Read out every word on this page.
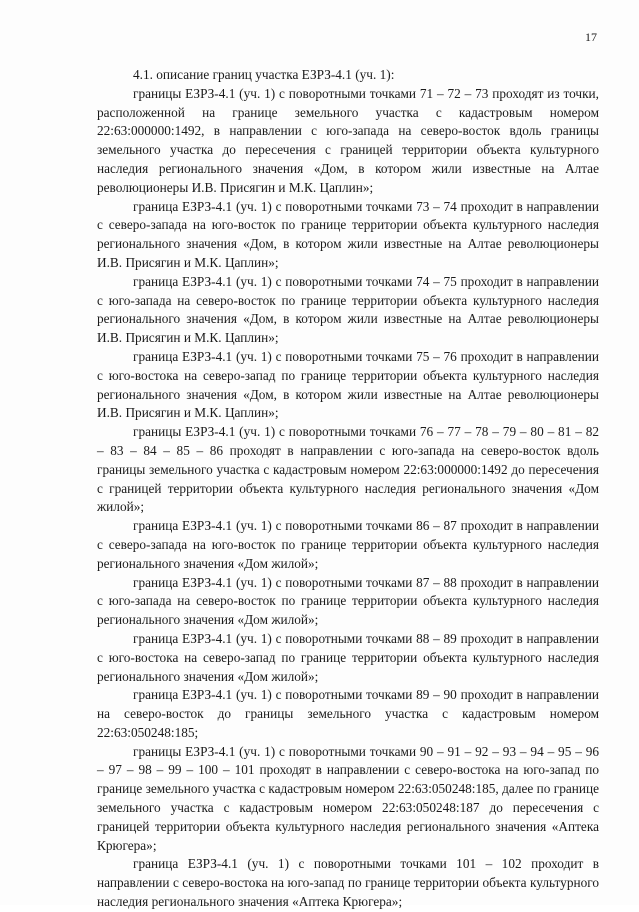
17

4.1. описание границ участка ЕЗРЗ-4.1 (уч. 1):

границы ЕЗРЗ-4.1 (уч. 1) с поворотными точками 71 – 72 – 73 проходят из точки, расположенной на границе земельного участка с кадастровым номером 22:63:000000:1492, в направлении с юго-запада на северо-восток вдоль границы земельного участка до пересечения с границей территории объекта культурного наследия регионального значения «Дом, в котором жили известные на Алтае революционеры И.В. Присягин и М.К. Цаплин»;

граница ЕЗРЗ-4.1 (уч. 1) с поворотными точками 73 – 74 проходит в направлении с северо-запада на юго-восток по границе территории объекта культурного наследия регионального значения «Дом, в котором жили известные на Алтае революционеры И.В. Присягин и М.К. Цаплин»;

граница ЕЗРЗ-4.1 (уч. 1) с поворотными точками 74 – 75 проходит в направлении с юго-запада на северо-восток по границе территории объекта культурного наследия регионального значения «Дом, в котором жили известные на Алтае революционеры И.В. Присягин и М.К. Цаплин»;

граница ЕЗРЗ-4.1 (уч. 1) с поворотными точками 75 – 76 проходит в направлении с юго-востока на северо-запад по границе территории объекта культурного наследия регионального значения «Дом, в котором жили известные на Алтае революционеры И.В. Присягин и М.К. Цаплин»;

границы ЕЗРЗ-4.1 (уч. 1) с поворотными точками 76 – 77 – 78 – 79 – 80 – 81 – 82 – 83 – 84 – 85 – 86 проходят в направлении с юго-запада на северо-восток вдоль границы земельного участка с кадастровым номером 22:63:000000:1492 до пересечения с границей территории объекта культурного наследия регионального значения «Дом жилой»;

граница ЕЗРЗ-4.1 (уч. 1) с поворотными точками 86 – 87 проходит в направлении с северо-запада на юго-восток по границе территории объекта культурного наследия регионального значения «Дом жилой»;

граница ЕЗРЗ-4.1 (уч. 1) с поворотными точками 87 – 88 проходит в направлении с юго-запада на северо-восток по границе территории объекта культурного наследия регионального значения «Дом жилой»;

граница ЕЗРЗ-4.1 (уч. 1) с поворотными точками 88 – 89 проходит в направлении с юго-востока на северо-запад по границе территории объекта культурного наследия регионального значения «Дом жилой»;

граница ЕЗРЗ-4.1 (уч. 1) с поворотными точками 89 – 90 проходит в направлении на северо-восток до границы земельного участка с кадастровым номером 22:63:050248:185;

границы ЕЗРЗ-4.1 (уч. 1) с поворотными точками 90 – 91 – 92 – 93 – 94 – 95 – 96 – 97 – 98 – 99 – 100 – 101 проходят в направлении с северо-востока на юго-запад по границе земельного участка с кадастровым номером 22:63:050248:185, далее по границе земельного участка с кадастровым номером 22:63:050248:187 до пересечения с границей территории объекта культурного наследия регионального значения «Аптека Крюгера»;

граница ЕЗРЗ-4.1 (уч. 1) с поворотными точками 101 – 102 проходит в направлении с северо-востока на юго-запад по границе территории объекта культурного наследия регионального значения «Аптека Крюгера»;
